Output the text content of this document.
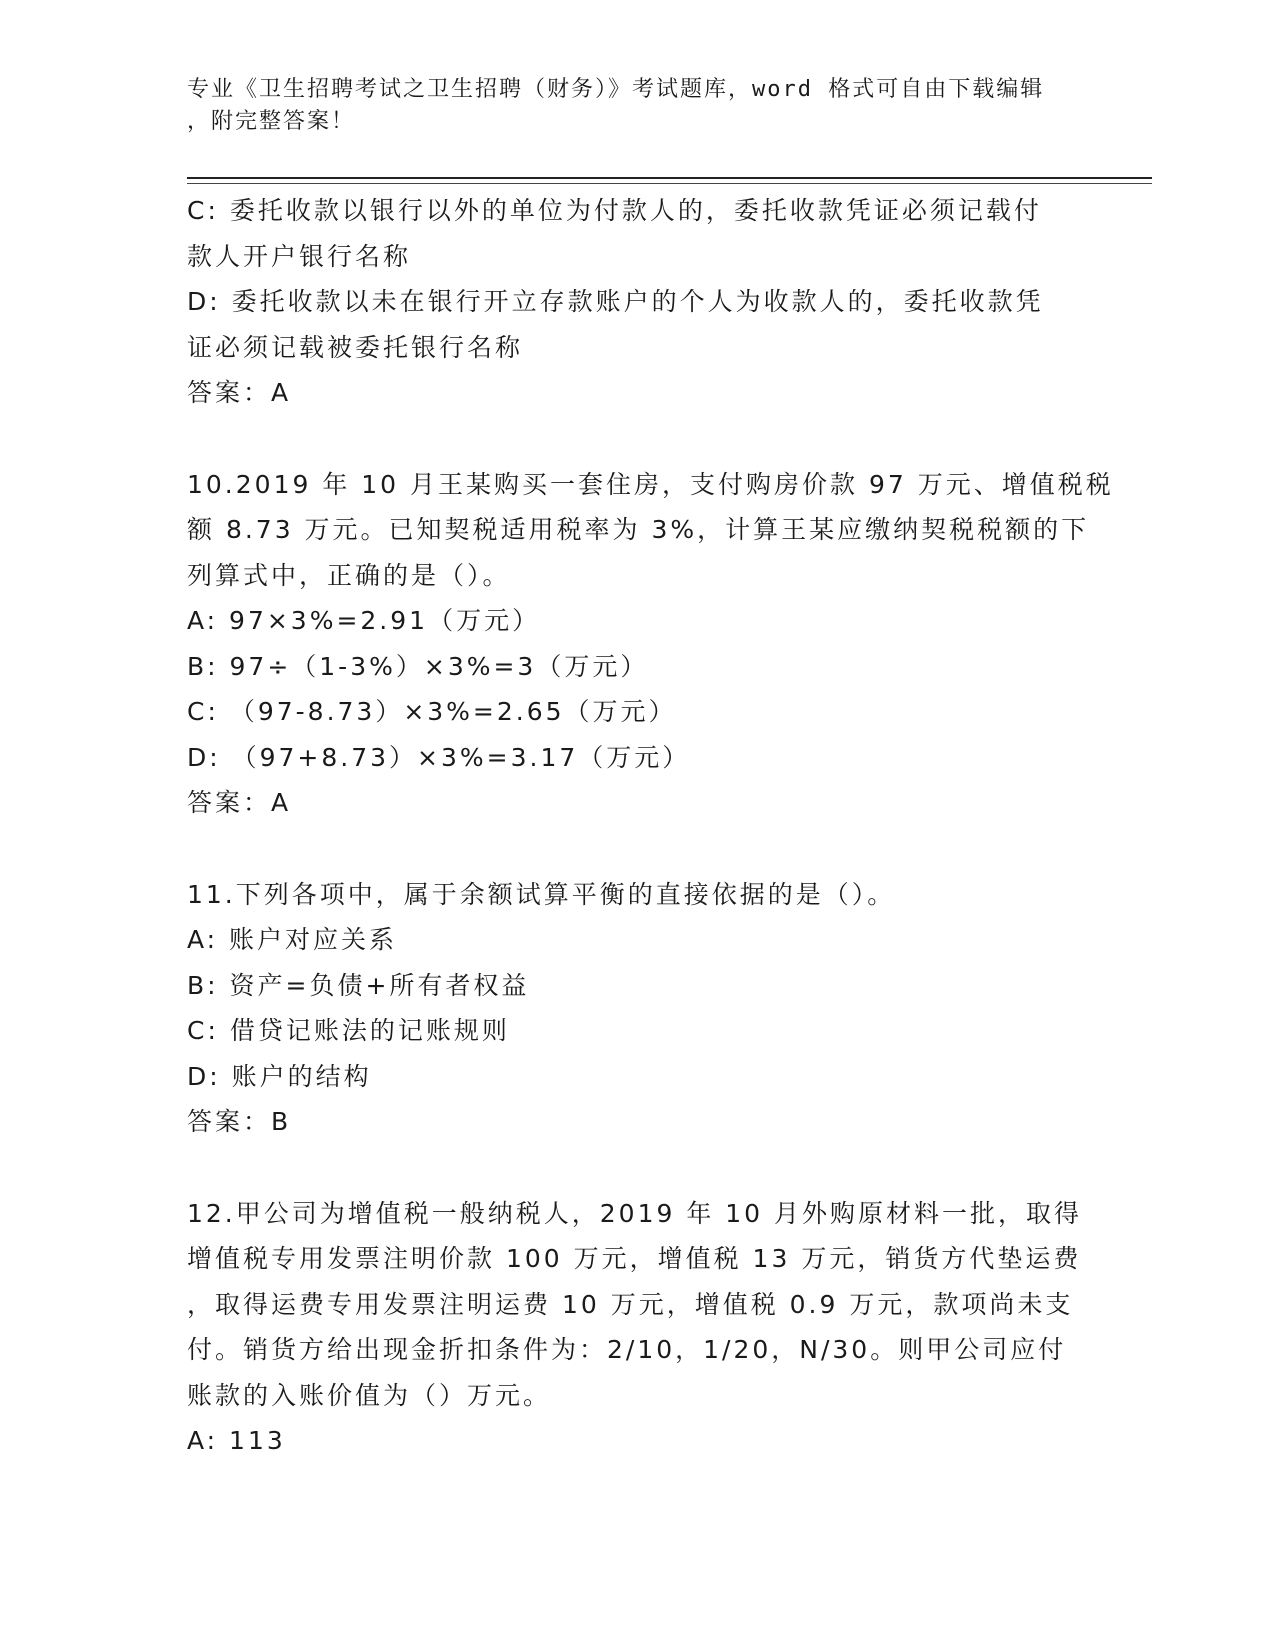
专业《卫生招聘考试之卫生招聘（财务）》考试题库，word 格式可自由下载编辑
，附完整答案！
C: 委托收款以银行以外的单位为付款人的，委托收款凭证必须记载付
款人开户银行名称
D: 委托收款以未在银行开立存款账户的个人为收款人的，委托收款凭
证必须记载被委托银行名称
答案：A
10.2019 年 10 月王某购买一套住房，支付购房价款 97 万元、增值税税
额 8.73 万元。已知契税适用税率为 3%，计算王某应缴纳契税税额的下
列算式中，正确的是（）。
A: 97×3%=2.91（万元）
B: 97÷（1-3%）×3%=3（万元）
C: （97-8.73）×3%=2.65（万元）
D: （97+8.73）×3%=3.17（万元）
答案：A
11.下列各项中，属于余额试算平衡的直接依据的是（）。
A: 账户对应关系
B: 资产=负债+所有者权益
C: 借贷记账法的记账规则
D: 账户的结构
答案：B
12.甲公司为增值税一般纳税人，2019 年 10 月外购原材料一批，取得
增值税专用发票注明价款 100 万元，增值税 13 万元，销货方代垫运费
，取得运费专用发票注明运费 10 万元，增值税 0.9 万元，款项尚未支
付。销货方给出现金折扣条件为：2/10，1/20，N/30。则甲公司应付
账款的入账价值为（）万元。
A: 113
